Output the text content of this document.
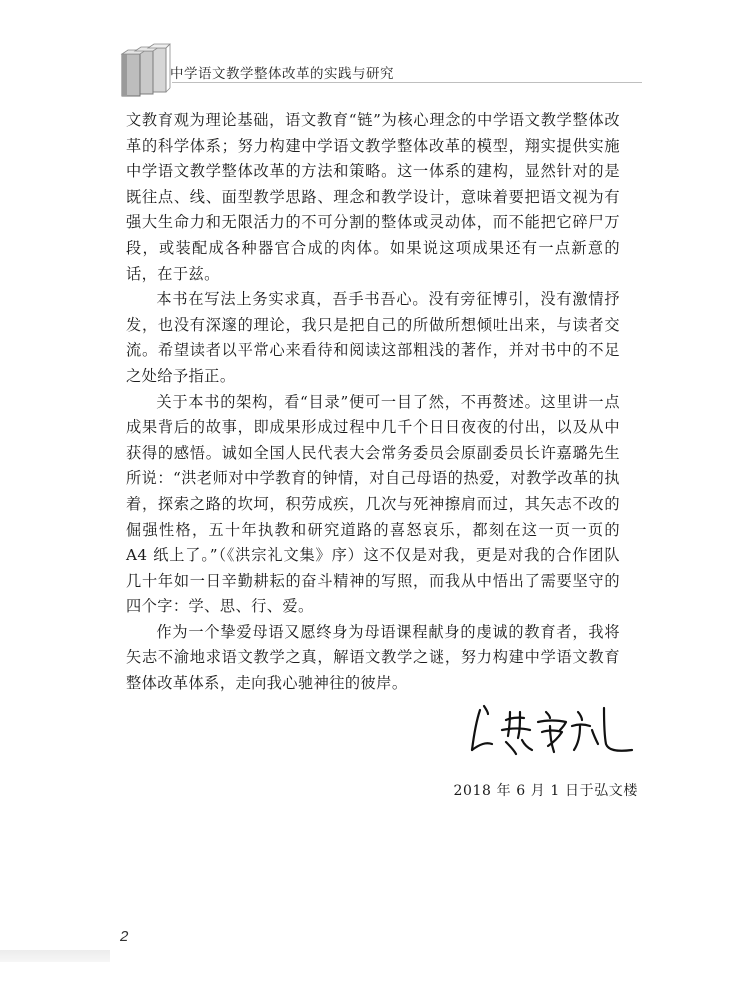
中学语文教学整体改革的实践与研究

文教育观为理论基础，语文教育“链”为核心理念的中学语文教学整体改革的科学体系；努力构建中学语文教学整体改革的模型，翔实提供实施中学语文教学整体改革的方法和策略。这一体系的建构，显然针对的是既往点、线、面型教学思路、理念和教学设计，意味着要把语文视为有强大生命力和无限活力的不可分割的整体或灵动体，而不能把它碎尸万段，或装配成各种器官合成的肉体。如果说这项成果还有一点新意的话，在于兹。

本书在写法上务实求真，吾手书吾心。没有旁征博引，没有激情抒发，也没有深邃的理论，我只是把自己的所做所想倾吐出来，与读者交流。希望读者以平常心来看待和阅读这部粗浅的著作，并对书中的不足之处给予指正。

关于本书的架构，看“目录”便可一目了然，不再赘述。这里讲一点成果背后的故事，即成果形成过程中几千个日日夜夜的付出，以及从中获得的感悟。诚如全国人民代表大会常务委员会原副委员长许嘉璐先生所说：“洪老师对中学教育的钟情，对自己母语的热爱，对教学改革的执着，探索之路的坎坷，积劳成疾，几次与死神擦肩而过，其矢志不改的倔强性格，五十年执教和研究道路的喜怒哀乐，都刻在这一页一页的 A4 纸上了。”（《洪宗礼文集》序）这不仅是对我，更是对我的合作团队几十年如一日辛勤耕耘的奋斗精神的写照，而我从中悟出了需要坚守的四个字：学、思、行、爱。

作为一个挚爱母语又愿终身为母语课程献身的虔诚的教育者，我将矢志不渝地求语文教学之真，解语文教学之谜，努力构建中学语文教育整体改革体系，走向我心驰神往的彼岸。

2018 年 6 月 1 日于弘文楼
2
